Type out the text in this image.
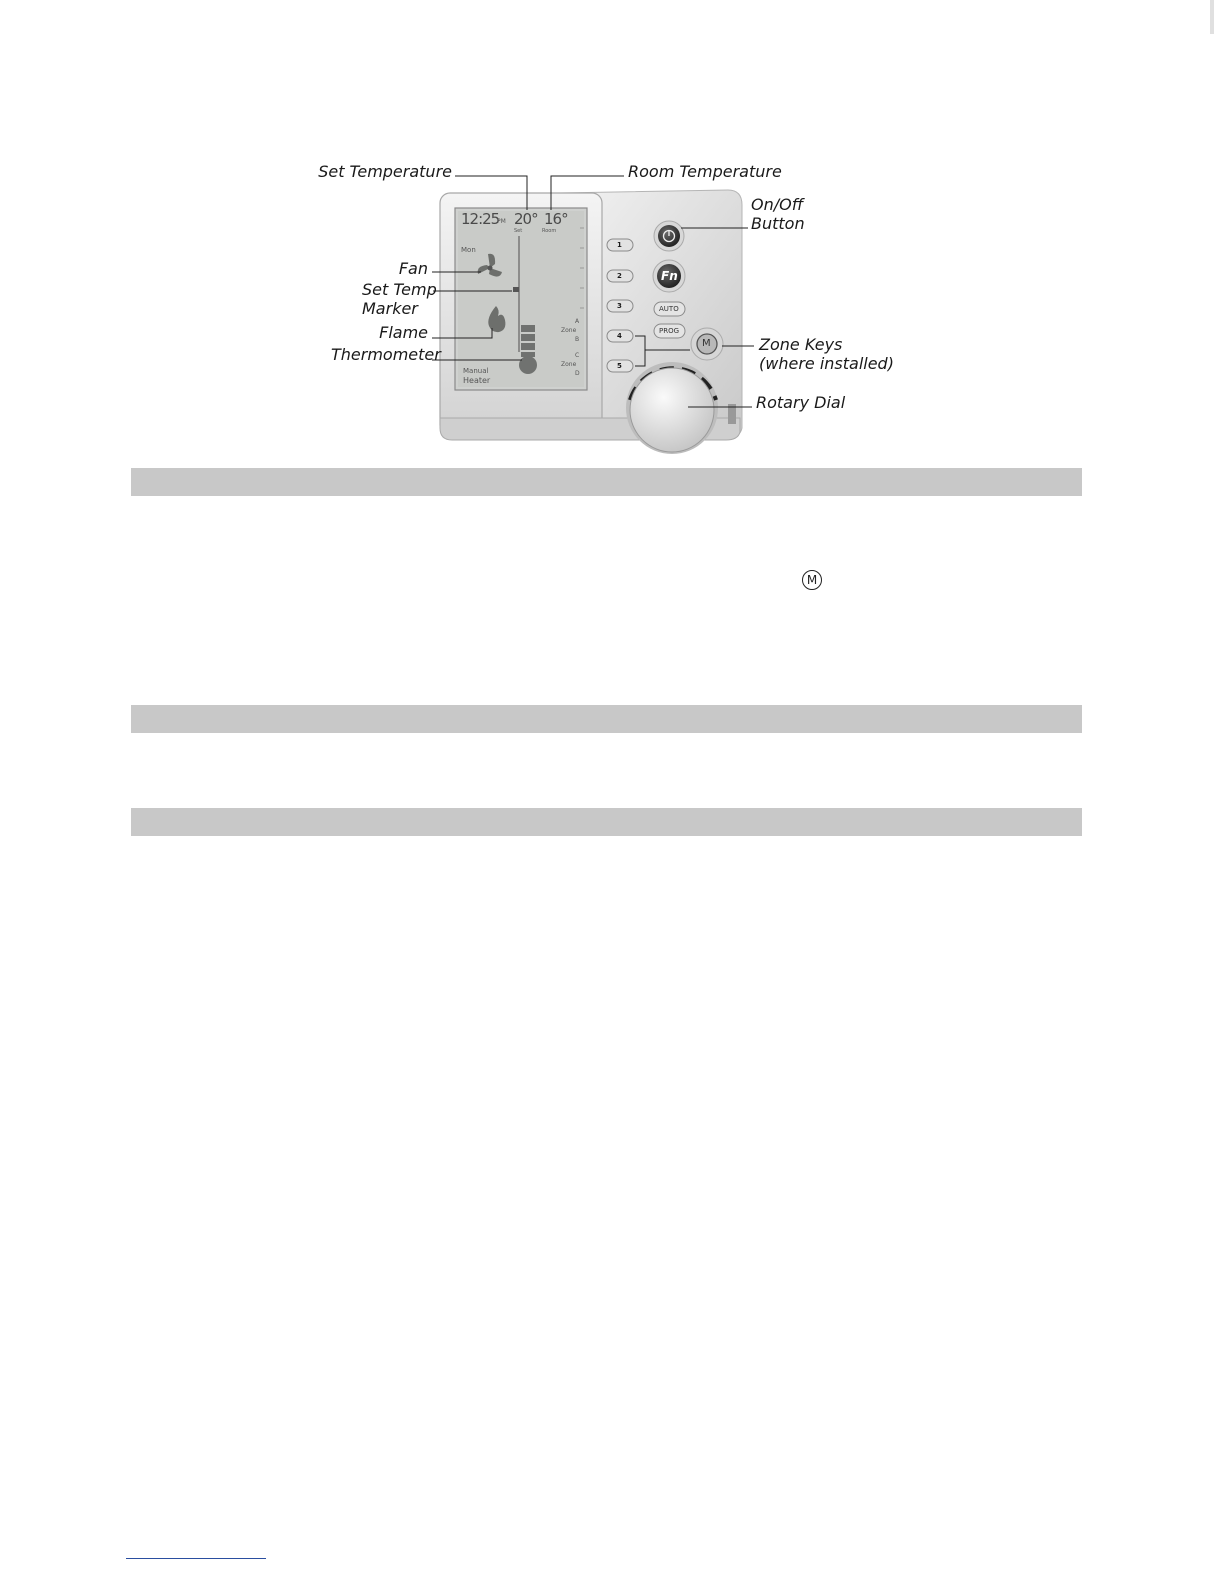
12:25
PM 20° 16°
Set	Room
Mon
Manual
Heater
A
Zone
B
C
Zone
D
1
2
3
4
5
Fn
AUTO
PROG
M
Set Temperature	Room Temperature
On/Off
Button
Fan
Set Temp
Marker
Flame
Thermometer
Zone Keys
(where installed)
Rotary Dial
M
